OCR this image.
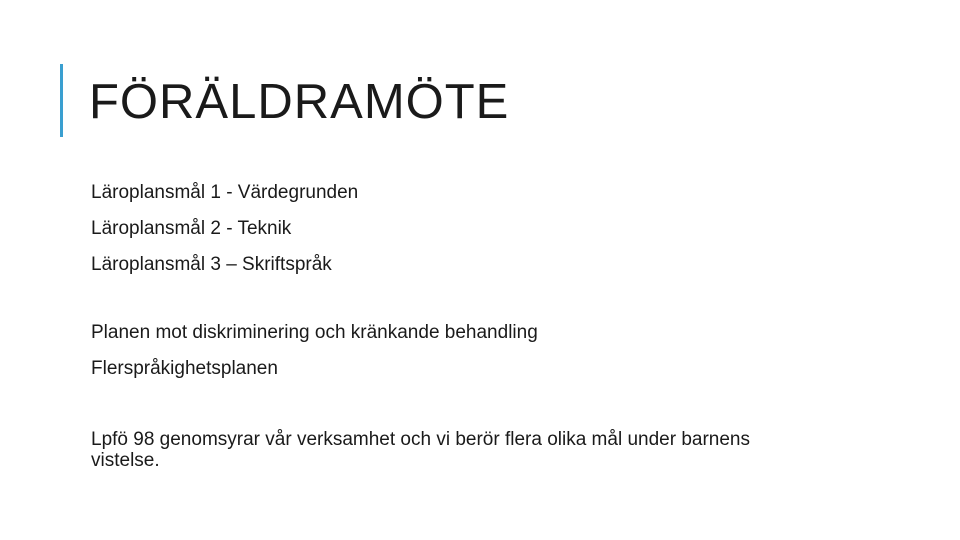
FÖRÄLDRAMÖTE

Läroplansmål 1 - Värdegrunden

Läroplansmål 2 - Teknik

Läroplansmål 3 – Skriftspråk

Planen mot diskriminering och kränkande behandling

Flerspråkighetsplanen

Lpfö 98 genomsyrar vår verksamhet och vi berör flera olika mål under barnens vistelse.
